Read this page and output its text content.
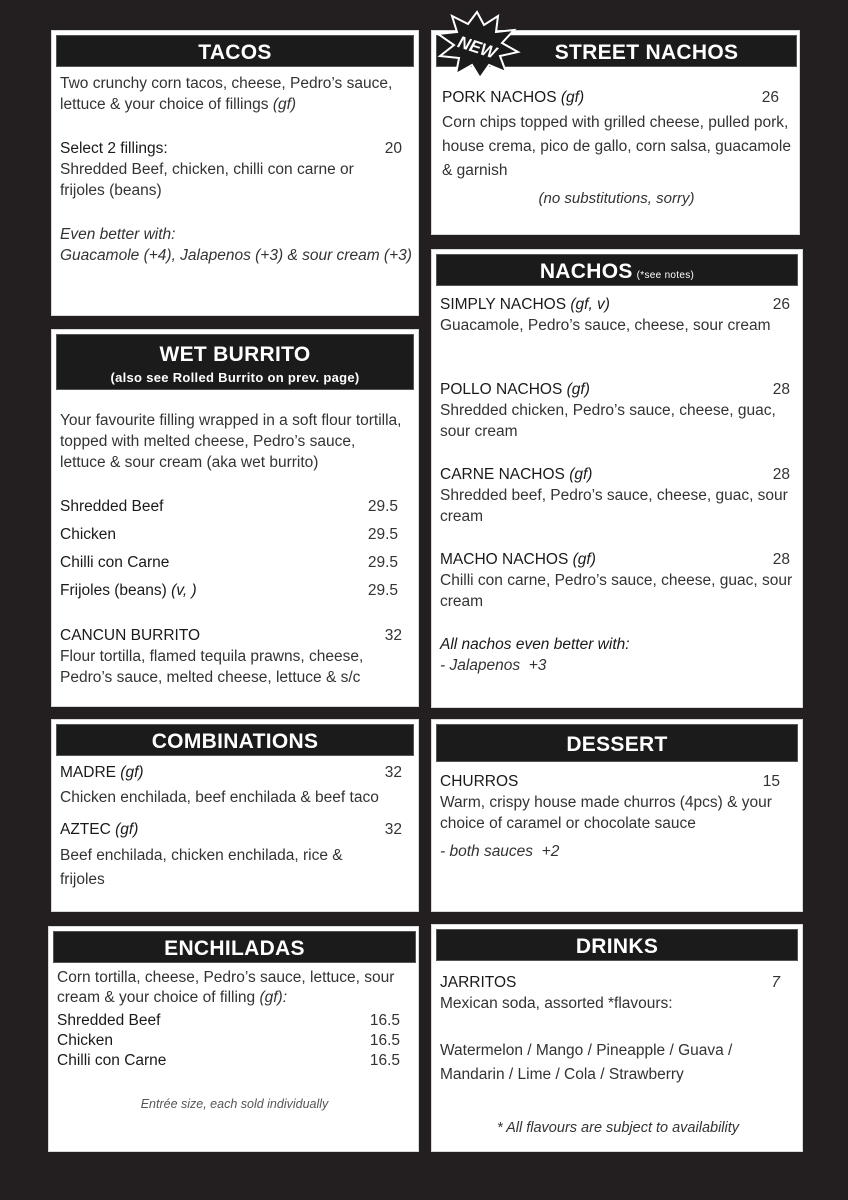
TACOS
Two crunchy corn tacos, cheese, Pedro’s sauce, lettuce & your choice of fillings (gf)
Select 2 fillings:	20
Shredded Beef, chicken, chilli con carne or frijoles (beans)
Even better with:
Guacamole (+4), Jalapenos (+3) & sour cream (+3)
STREET NACHOS
PORK NACHOS (gf)	26
Corn chips topped with grilled cheese, pulled pork, house crema, pico de gallo, corn salsa, guacamole & garnish
(no substitutions, sorry)
NEW
WET BURRITO
(also see Rolled Burrito on prev. page)
Your favourite filling wrapped in a soft flour tortilla, topped with melted cheese, Pedro’s sauce, lettuce & sour cream (aka wet burrito)
Shredded Beef	29.5
Chicken	29.5
Chilli con Carne	29.5
Frijoles (beans) (v, )	29.5
CANCUN BURRITO	32
Flour tortilla, flamed tequila prawns, cheese, Pedro’s sauce, melted cheese, lettuce & s/c
NACHOS (*see notes)
SIMPLY NACHOS (gf, v)	26
Guacamole, Pedro’s sauce, cheese, sour cream
POLLO NACHOS (gf)	28
Shredded chicken, Pedro’s sauce, cheese, guac, sour cream
CARNE NACHOS (gf)	28
Shredded beef, Pedro’s sauce, cheese, guac, sour cream
MACHO NACHOS (gf)	28
Chilli con carne, Pedro’s sauce, cheese, guac, sour cream
All nachos even better with:
- Jalapenos  +3
COMBINATIONS
MADRE (gf)	32
Chicken enchilada, beef enchilada & beef taco
AZTEC (gf)	32
Beef enchilada, chicken enchilada, rice & frijoles
DESSERT
CHURROS	15
Warm, crispy house made churros (4pcs) & your choice of caramel or chocolate sauce
- both sauces  +2
ENCHILADAS
Corn tortilla, cheese, Pedro’s sauce, lettuce, sour cream & your choice of filling (gf):
Shredded Beef	16.5
Chicken	16.5
Chilli con Carne	16.5
Entrée size, each sold individually
DRINKS
JARRITOS	7
Mexican soda, assorted *flavours:
Watermelon / Mango / Pineapple / Guava / Mandarin / Lime / Cola / Strawberry
* All flavours are subject to availability
